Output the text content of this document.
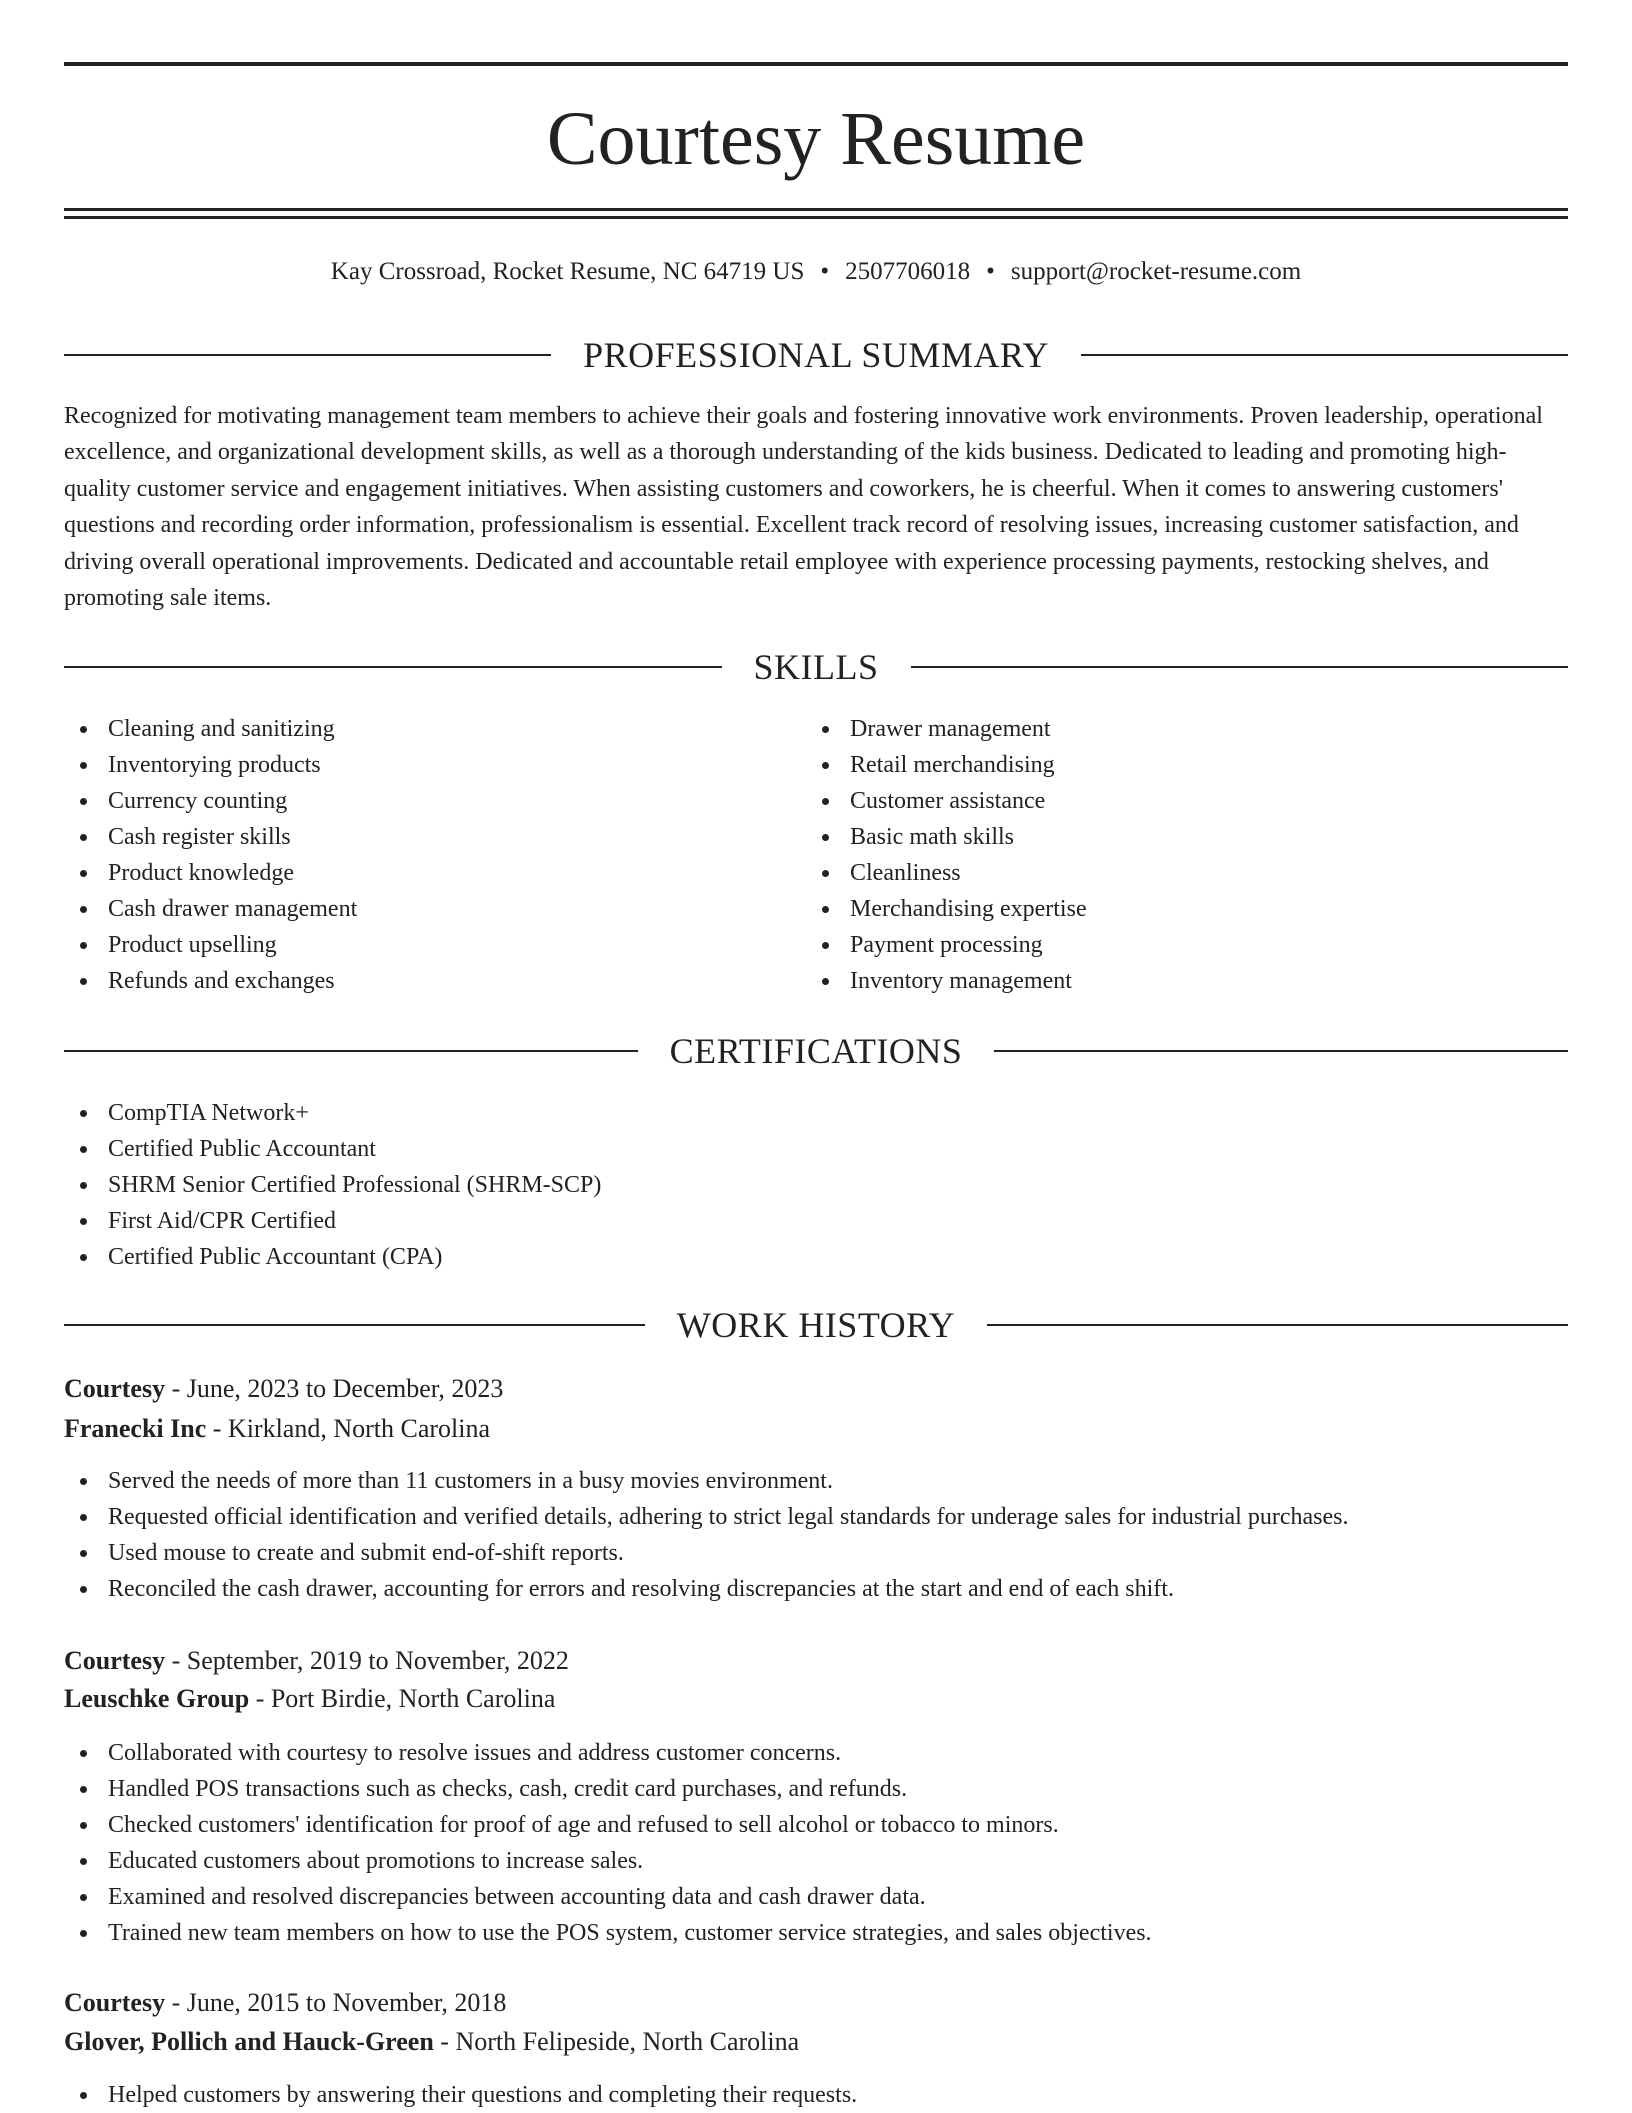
Courtesy Resume
Kay Crossroad, Rocket Resume, NC 64719 US • 2507706018 • support@rocket-resume.com
PROFESSIONAL SUMMARY

Recognized for motivating management team members to achieve their goals and fostering innovative work environments. Proven leadership, operational excellence, and organizational development skills, as well as a thorough understanding of the kids business. Dedicated to leading and promoting high-quality customer service and engagement initiatives. When assisting customers and coworkers, he is cheerful. When it comes to answering customers' questions and recording order information, professionalism is essential. Excellent track record of resolving issues, increasing customer satisfaction, and driving overall operational improvements. Dedicated and accountable retail employee with experience processing payments, restocking shelves, and promoting sale items.

SKILLS
Cleaning and sanitizing
Inventorying products
Currency counting
Cash register skills
Product knowledge
Cash drawer management
Product upselling
Refunds and exchanges
Drawer management
Retail merchandising
Customer assistance
Basic math skills
Cleanliness
Merchandising expertise
Payment processing
Inventory management
CERTIFICATIONS
CompTIA Network+
Certified Public Accountant
SHRM Senior Certified Professional (SHRM-SCP)
First Aid/CPR Certified
Certified Public Accountant (CPA)
WORK HISTORY
Courtesy - June, 2023 to December, 2023
Franecki Inc - Kirkland, North Carolina
Served the needs of more than 11 customers in a busy movies environment.
Requested official identification and verified details, adhering to strict legal standards for underage sales for industrial purchases.
Used mouse to create and submit end-of-shift reports.
Reconciled the cash drawer, accounting for errors and resolving discrepancies at the start and end of each shift.
Courtesy - September, 2019 to November, 2022
Leuschke Group - Port Birdie, North Carolina
Collaborated with courtesy to resolve issues and address customer concerns.
Handled POS transactions such as checks, cash, credit card purchases, and refunds.
Checked customers' identification for proof of age and refused to sell alcohol or tobacco to minors.
Educated customers about promotions to increase sales.
Examined and resolved discrepancies between accounting data and cash drawer data.
Trained new team members on how to use the POS system, customer service strategies, and sales objectives.
Courtesy - June, 2015 to November, 2018
Glover, Pollich and Hauck-Green - North Felipeside, North Carolina
Helped customers by answering their questions and completing their requests.
